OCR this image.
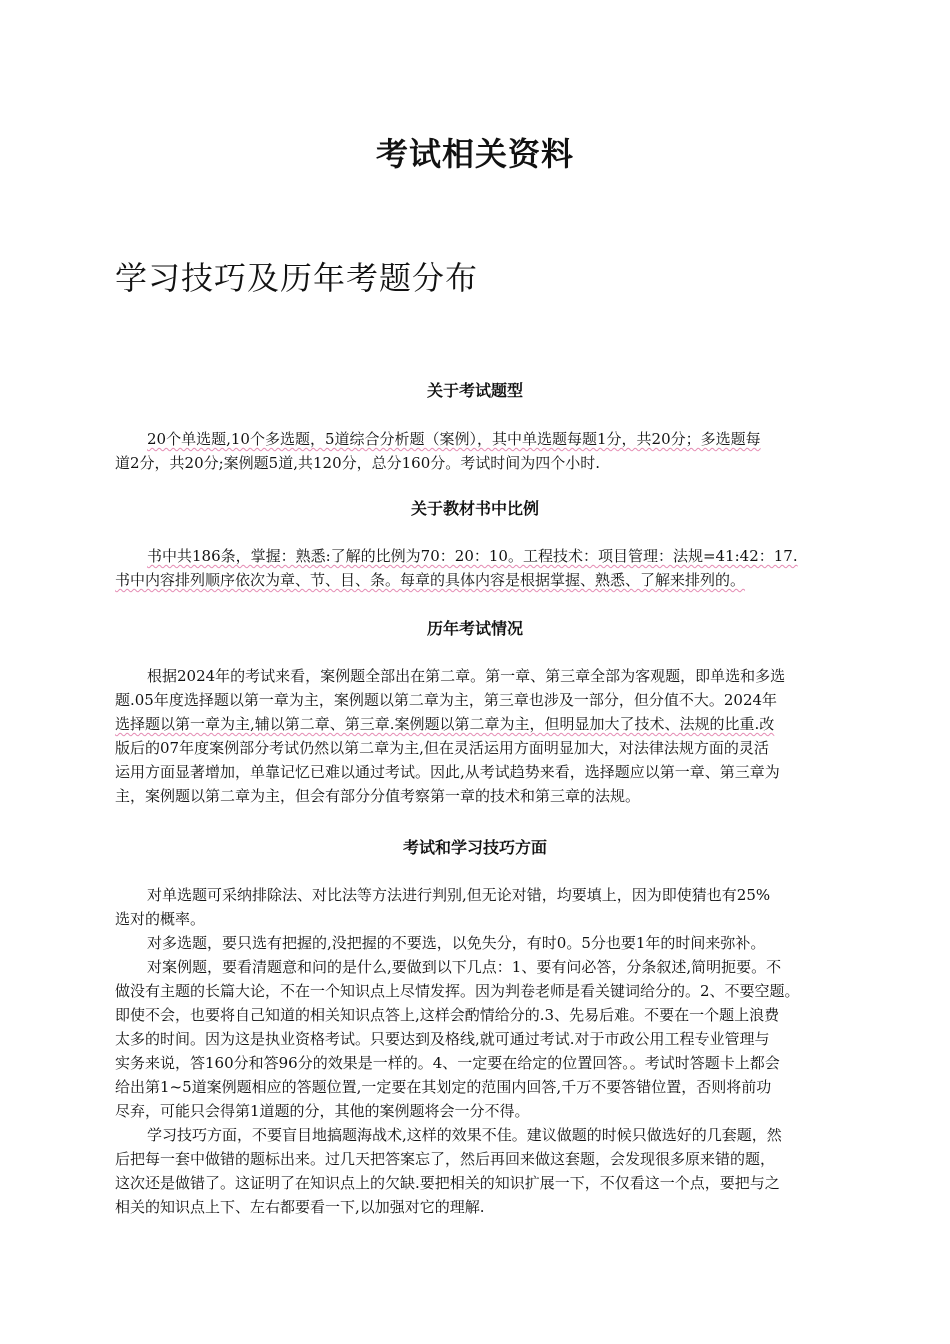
考试相关资料
学习技巧及历年考题分布
关于考试题型

20个单选题,10个多选题，5道综合分析题（案例），其中单选题每题1分，共20分；多选题每
道2分，共20分;案例题5道,共120分，总分160分。考试时间为四个小时.

关于教材书中比例

书中共186条，掌握：熟悉:了解的比例为70：20：10。工程技术：项目管理：法规=41:42：17.
书中内容排列顺序依次为章、节、目、条。每章的具体内容是根据掌握、熟悉、了解来排列的。

历年考试情况

根据2024年的考试来看，案例题全部出在第二章。第一章、第三章全部为客观题，即单选和多选
题.05年度选择题以第一章为主，案例题以第二章为主，第三章也涉及一部分，但分值不大。2024年
选择题以第一章为主,辅以第二章、第三章.案例题以第二章为主，但明显加大了技术、法规的比重.改
版后的07年度案例部分考试仍然以第二章为主,但在灵活运用方面明显加大，对法律法规方面的灵活
运用方面显著增加，单靠记忆已难以通过考试。因此,从考试趋势来看，选择题应以第一章、第三章为
主，案例题以第二章为主，但会有部分分值考察第一章的技术和第三章的法规。

考试和学习技巧方面

对单选题可采纳排除法、对比法等方法进行判别,但无论对错，均要填上，因为即使猜也有25%
选对的概率。

对多选题，要只选有把握的,没把握的不要选，以免失分，有时0。5分也要1年的时间来弥补。

对案例题，要看清题意和问的是什么,要做到以下几点：1、要有问必答，分条叙述,简明扼要。不
做没有主题的长篇大论，不在一个知识点上尽情发挥。因为判卷老师是看关键词给分的。2、不要空题。
即使不会，也要将自己知道的相关知识点答上,这样会酌情给分的.3、先易后难。不要在一个题上浪费
太多的时间。因为这是执业资格考试。只要达到及格线,就可通过考试.对于市政公用工程专业管理与
实务来说，答160分和答96分的效果是一样的。4、一定要在给定的位置回答。。考试时答题卡上都会
给出第1~5道案例题相应的答题位置,一定要在其划定的范围内回答,千万不要答错位置，否则将前功
尽弃，可能只会得第1道题的分，其他的案例题将会一分不得。

学习技巧方面，不要盲目地搞题海战术,这样的效果不佳。建议做题的时候只做选好的几套题，然
后把每一套中做错的题标出来。过几天把答案忘了，然后再回来做这套题，会发现很多原来错的题，
这次还是做错了。这证明了在知识点上的欠缺.要把相关的知识扩展一下，不仅看这一个点，要把与之
相关的知识点上下、左右都要看一下,以加强对它的理解.
